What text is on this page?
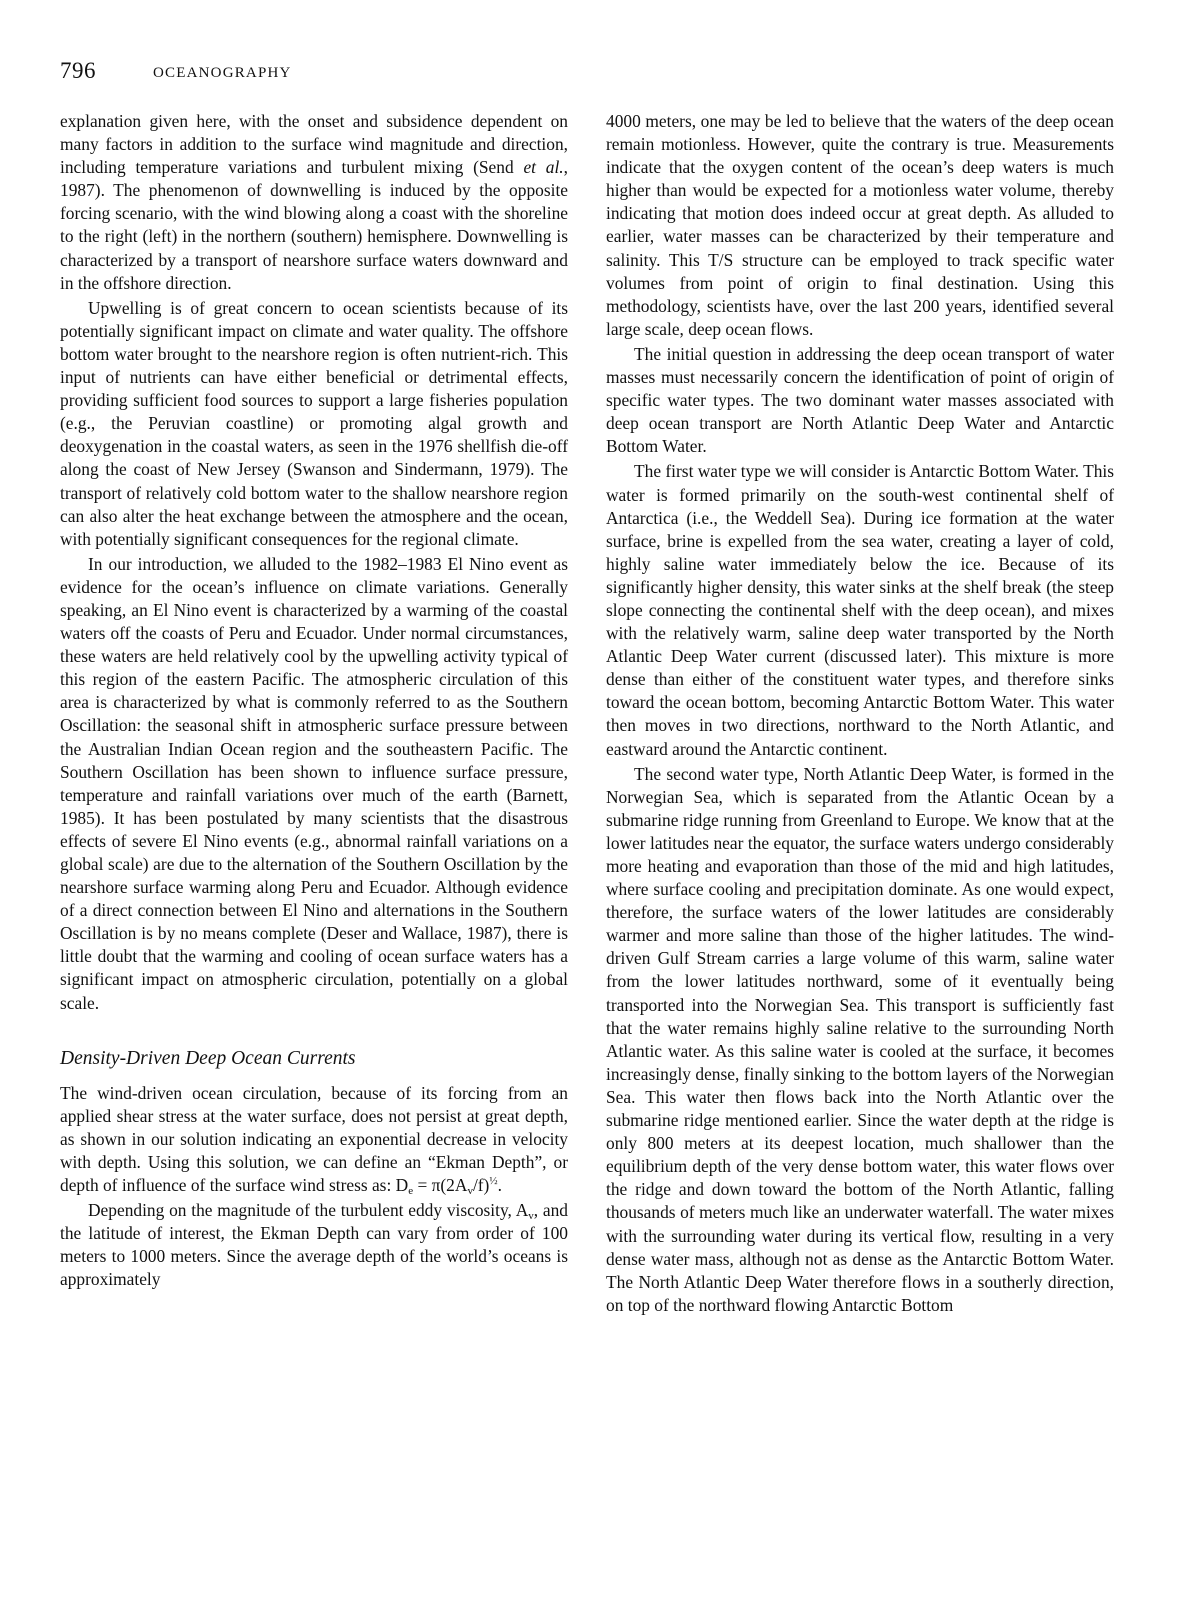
796	OCEANOGRAPHY

explanation given here, with the onset and subsidence dependent on many factors in addition to the surface wind magnitude and direction, including temperature variations and turbulent mixing (Send et al., 1987). The phenomenon of downwelling is induced by the opposite forcing scenario, with the wind blowing along a coast with the shoreline to the right (left) in the northern (southern) hemisphere. Downwelling is characterized by a transport of nearshore surface waters downward and in the offshore direction.

Upwelling is of great concern to ocean scientists because of its potentially significant impact on climate and water quality. The offshore bottom water brought to the nearshore region is often nutrient-rich. This input of nutrients can have either beneficial or detrimental effects, providing sufficient food sources to support a large fisheries population (e.g., the Peruvian coastline) or promoting algal growth and deoxygenation in the coastal waters, as seen in the 1976 shellfish die-off along the coast of New Jersey (Swanson and Sindermann, 1979). The transport of relatively cold bottom water to the shallow nearshore region can also alter the heat exchange between the atmosphere and the ocean, with potentially significant consequences for the regional climate.

In our introduction, we alluded to the 1982–1983 El Nino event as evidence for the ocean’s influence on climate variations. Generally speaking, an El Nino event is characterized by a warming of the coastal waters off the coasts of Peru and Ecuador. Under normal circumstances, these waters are held relatively cool by the upwelling activity typical of this region of the eastern Pacific. The atmospheric circulation of this area is characterized by what is commonly referred to as the Southern Oscillation: the seasonal shift in atmospheric surface pressure between the Australian Indian Ocean region and the southeastern Pacific. The Southern Oscillation has been shown to influence surface pressure, temperature and rainfall variations over much of the earth (Barnett, 1985). It has been postulated by many scientists that the disastrous effects of severe El Nino events (e.g., abnormal rainfall variations on a global scale) are due to the alternation of the Southern Oscillation by the nearshore surface warming along Peru and Ecuador. Although evidence of a direct connection between El Nino and alternations in the Southern Oscillation is by no means complete (Deser and Wallace, 1987), there is little doubt that the warming and cooling of ocean surface waters has a significant impact on atmospheric circulation, potentially on a global scale.

Density-Driven Deep Ocean Currents

The wind-driven ocean circulation, because of its forcing from an applied shear stress at the water surface, does not persist at great depth, as shown in our solution indicating an exponential decrease in velocity with depth. Using this solution, we can define an “Ekman Depth”, or depth of influence of the surface wind stress as: $D_e = \pi(2A_v/f)^{\frac{1}{2}}$.

Depending on the magnitude of the turbulent eddy viscosity, $A_v$, and the latitude of interest, the Ekman Depth can vary from order of 100 meters to 1000 meters. Since the average depth of the world’s oceans is approximately

4000 meters, one may be led to believe that the waters of the deep ocean remain motionless. However, quite the contrary is true. Measurements indicate that the oxygen content of the ocean’s deep waters is much higher than would be expected for a motionless water volume, thereby indicating that motion does indeed occur at great depth. As alluded to earlier, water masses can be characterized by their temperature and salinity. This T/S structure can be employed to track specific water volumes from point of origin to final destination. Using this methodology, scientists have, over the last 200 years, identified several large scale, deep ocean flows.

The initial question in addressing the deep ocean transport of water masses must necessarily concern the identification of point of origin of specific water types. The two dominant water masses associated with deep ocean transport are North Atlantic Deep Water and Antarctic Bottom Water.

The first water type we will consider is Antarctic Bottom Water. This water is formed primarily on the south-west continental shelf of Antarctica (i.e., the Weddell Sea). During ice formation at the water surface, brine is expelled from the sea water, creating a layer of cold, highly saline water immediately below the ice. Because of its significantly higher density, this water sinks at the shelf break (the steep slope connecting the continental shelf with the deep ocean), and mixes with the relatively warm, saline deep water transported by the North Atlantic Deep Water current (discussed later). This mixture is more dense than either of the constituent water types, and therefore sinks toward the ocean bottom, becoming Antarctic Bottom Water. This water then moves in two directions, northward to the North Atlantic, and eastward around the Antarctic continent.

The second water type, North Atlantic Deep Water, is formed in the Norwegian Sea, which is separated from the Atlantic Ocean by a submarine ridge running from Greenland to Europe. We know that at the lower latitudes near the equator, the surface waters undergo considerably more heating and evaporation than those of the mid and high latitudes, where surface cooling and precipitation dominate. As one would expect, therefore, the surface waters of the lower latitudes are considerably warmer and more saline than those of the higher latitudes. The wind-driven Gulf Stream carries a large volume of this warm, saline water from the lower latitudes northward, some of it eventually being transported into the Norwegian Sea. This transport is sufficiently fast that the water remains highly saline relative to the surrounding North Atlantic water. As this saline water is cooled at the surface, it becomes increasingly dense, finally sinking to the bottom layers of the Norwegian Sea. This water then flows back into the North Atlantic over the submarine ridge mentioned earlier. Since the water depth at the ridge is only 800 meters at its deepest location, much shallower than the equilibrium depth of the very dense bottom water, this water flows over the ridge and down toward the bottom of the North Atlantic, falling thousands of meters much like an underwater waterfall. The water mixes with the surrounding water during its vertical flow, resulting in a very dense water mass, although not as dense as the Antarctic Bottom Water. The North Atlantic Deep Water therefore flows in a southerly direction, on top of the northward flowing Antarctic Bottom
